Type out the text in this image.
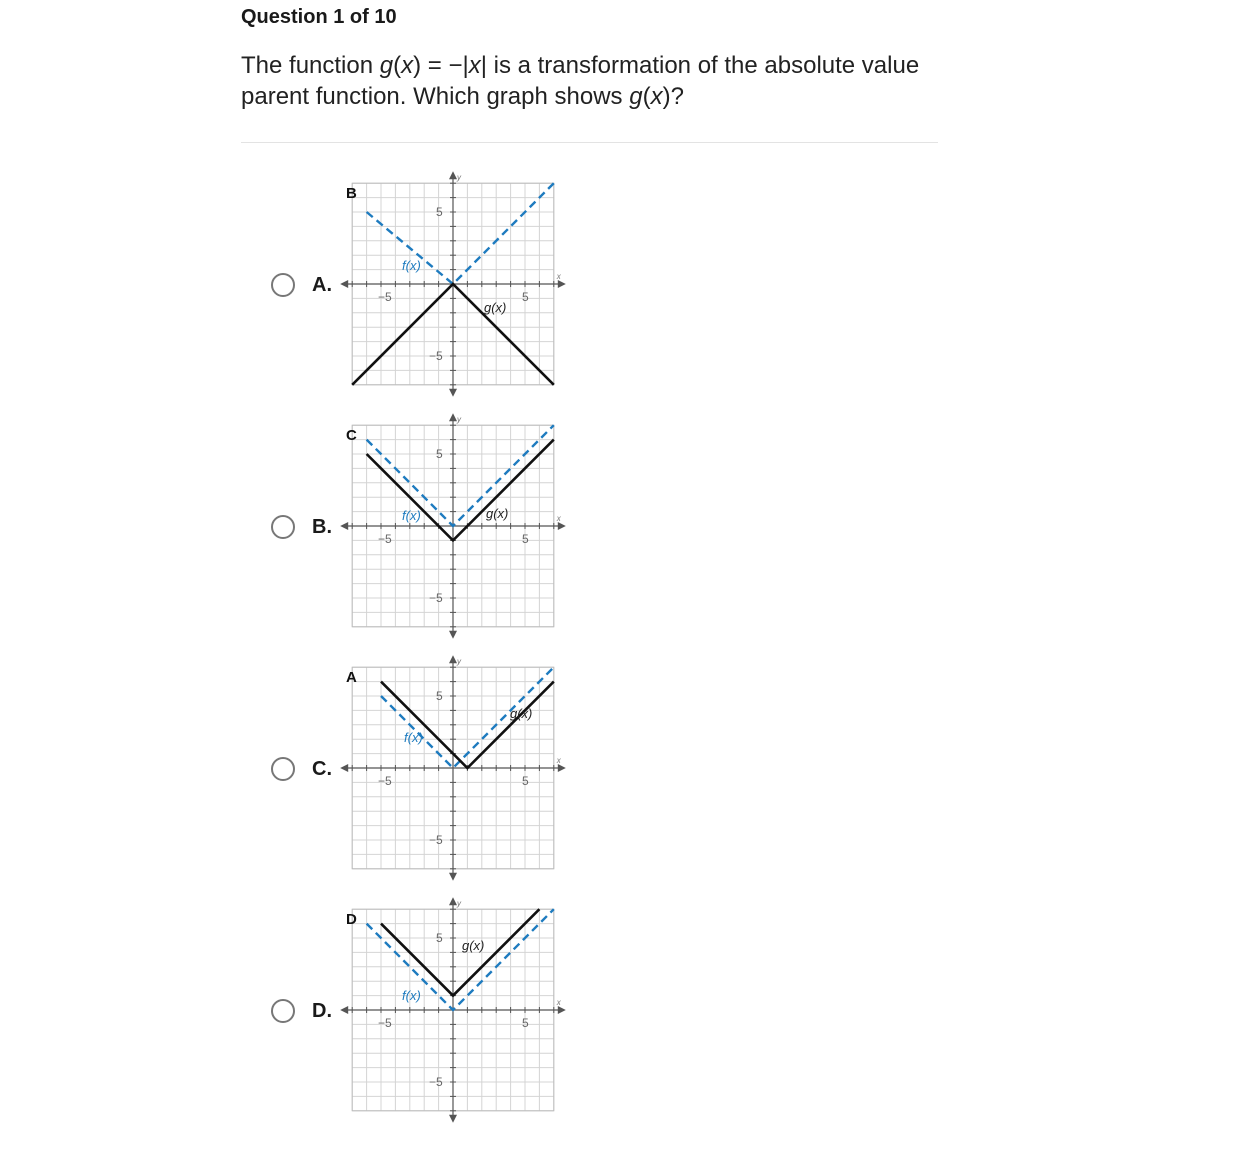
Question 1 of 10
The function g(x) = −|x| is a transformation of the absolute value parent function. Which graph shows g(x)?
A.	x
y
−5	5
5
−5
B
f(x)
g(x)
B.	x
y
−5	5
5
−5
C
f(x)	g(x)
C.	x
y
−5	5
5
−5
A
f(x)
g(x)
D.	x
y
−5	5
5
−5
D
f(x)
g(x)
